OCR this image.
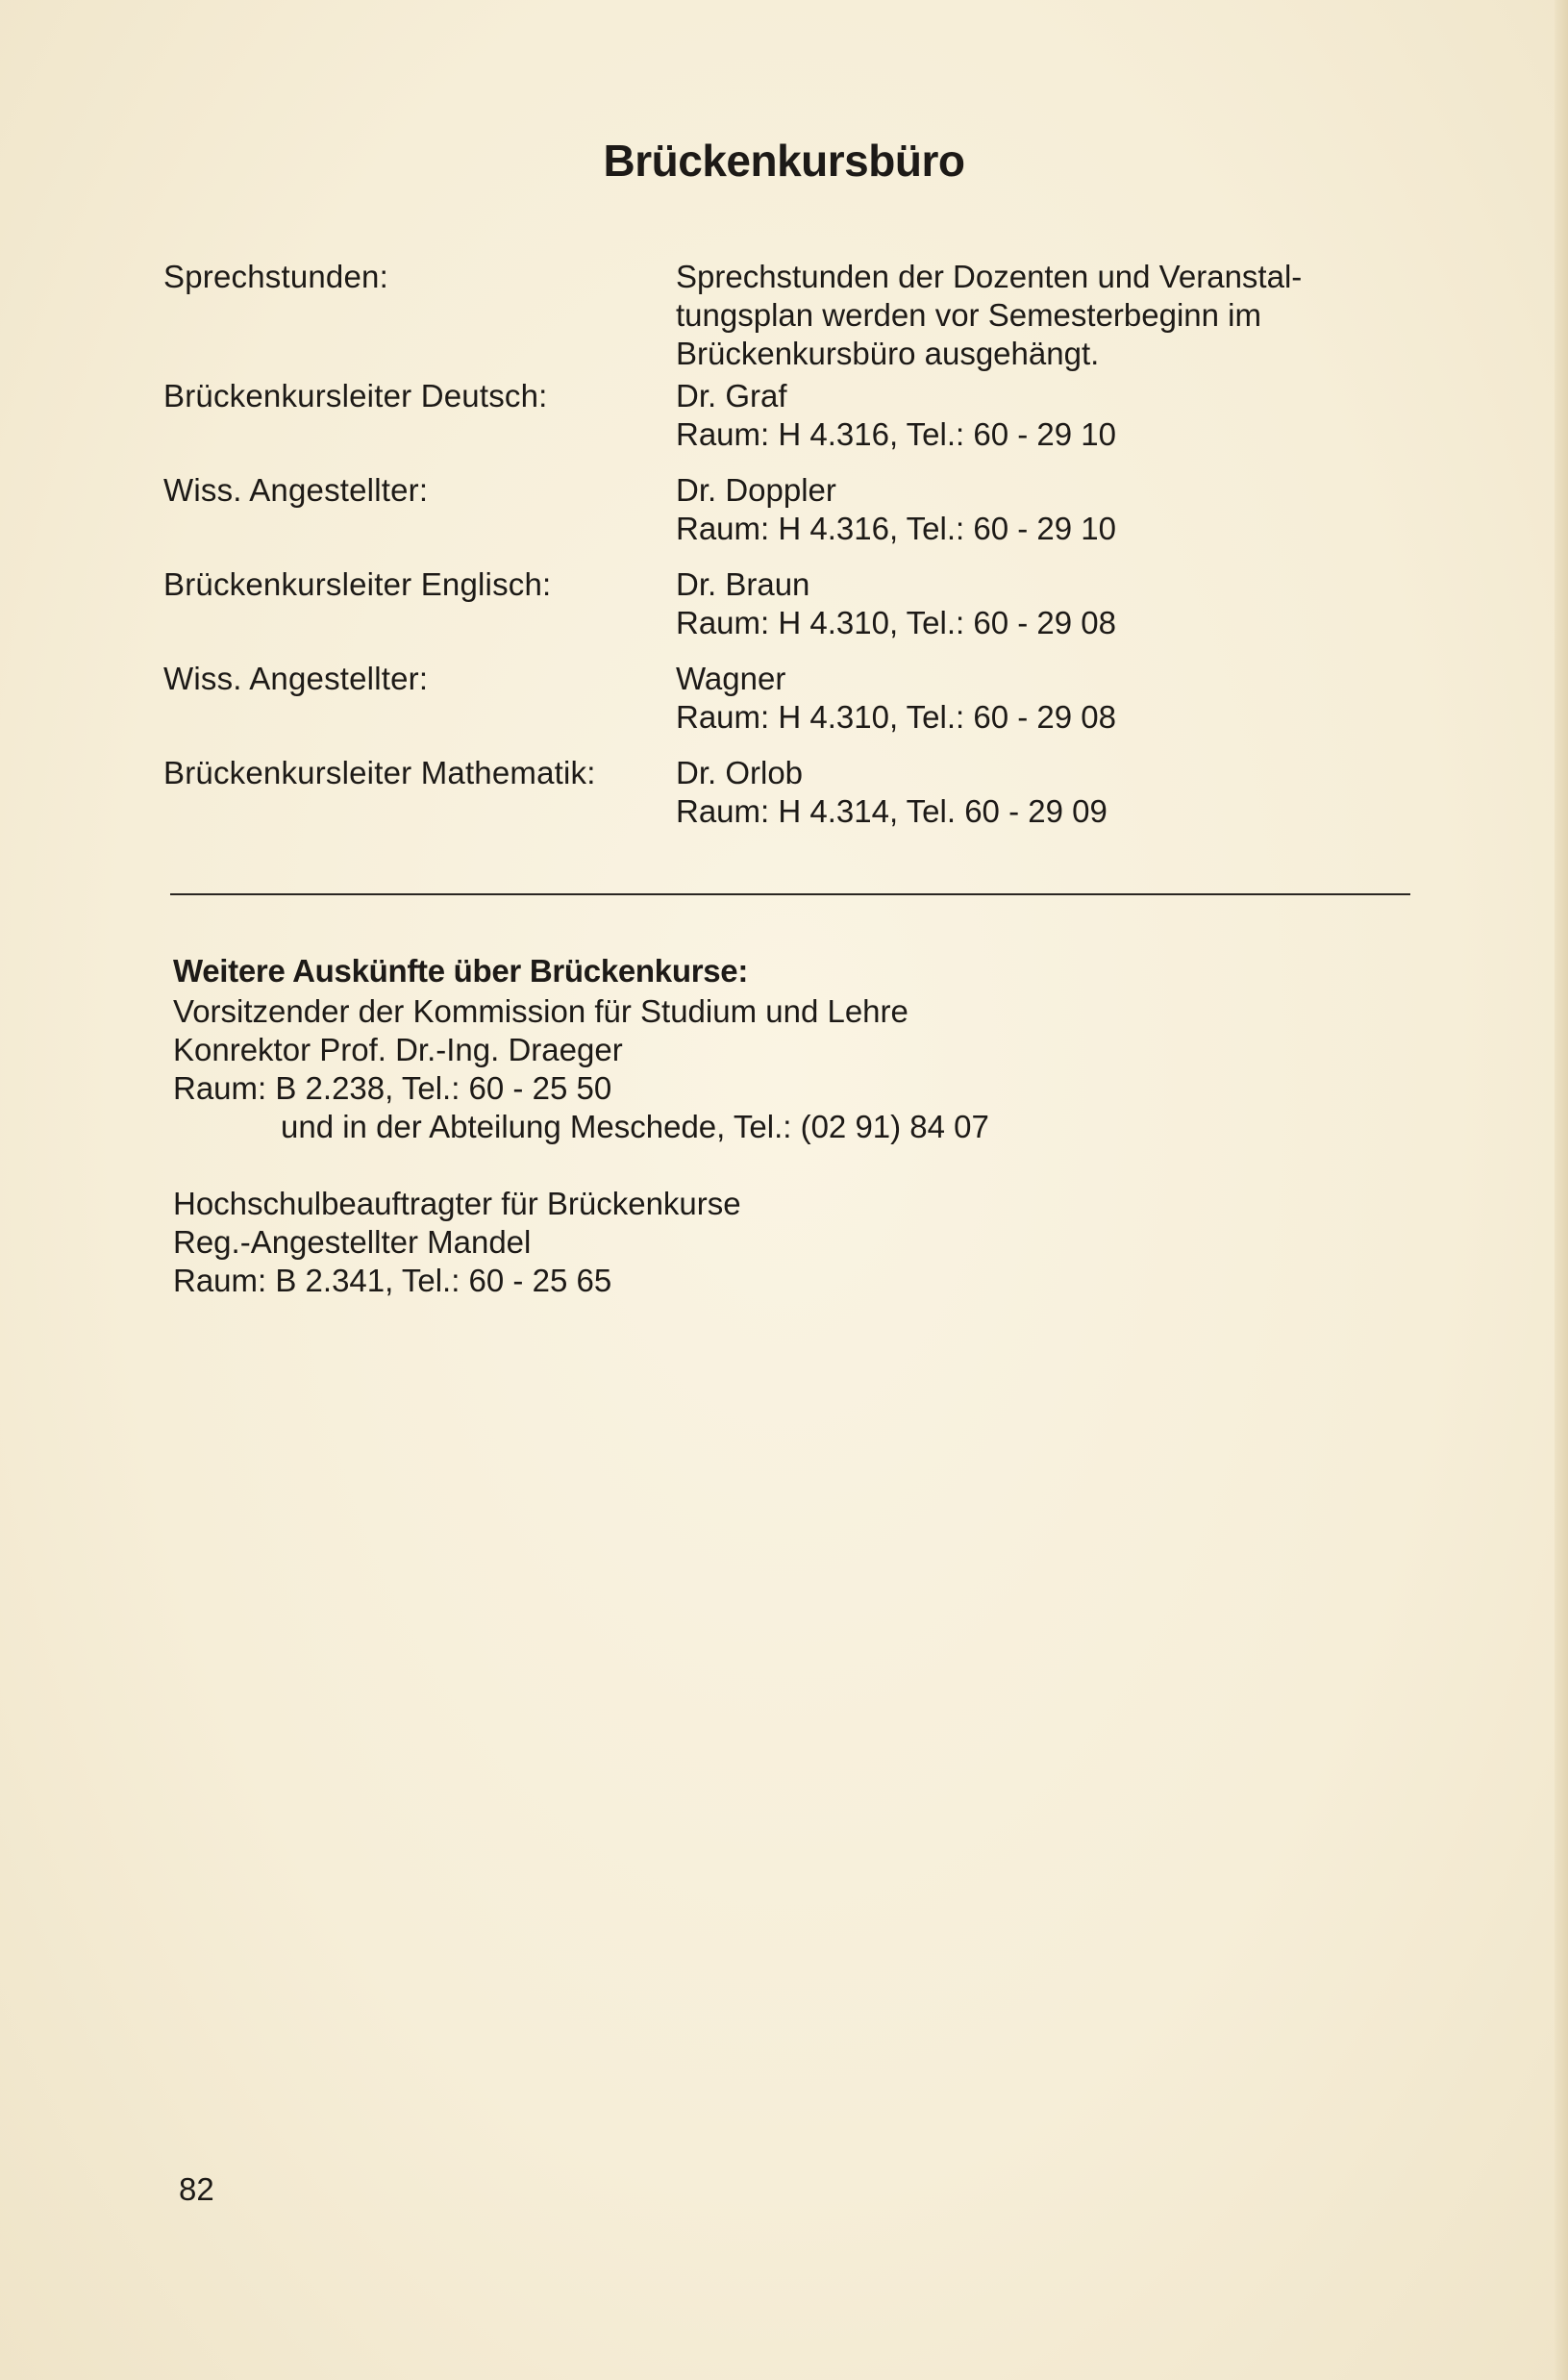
Brückenkursbüro
Sprechstunden:	Sprechstunden der Dozenten und Veranstal-
tungsplan werden vor Semesterbeginn im
Brückenkursbüro ausgehängt.
Brückenkursleiter Deutsch:	Dr. Graf
Raum: H 4.316, Tel.: 60 - 29 10
Wiss. Angestellter:	Dr. Doppler
Raum: H 4.316, Tel.: 60 - 29 10
Brückenkursleiter Englisch:	Dr. Braun
Raum: H 4.310, Tel.: 60 - 29 08
Wiss. Angestellter:	Wagner
Raum: H 4.310, Tel.: 60 - 29 08
Brückenkursleiter Mathematik:	Dr. Orlob
Raum: H 4.314, Tel. 60 - 29 09
Weitere Auskünfte über Brückenkurse:
Vorsitzender der Kommission für Studium und Lehre
Konrektor Prof. Dr.-Ing. Draeger
Raum: B 2.238, Tel.: 60 - 25 50
und in der Abteilung Meschede, Tel.: (02 91) 84 07
Hochschulbeauftragter für Brückenkurse
Reg.-Angestellter Mandel
Raum: B 2.341, Tel.: 60 - 25 65
82
